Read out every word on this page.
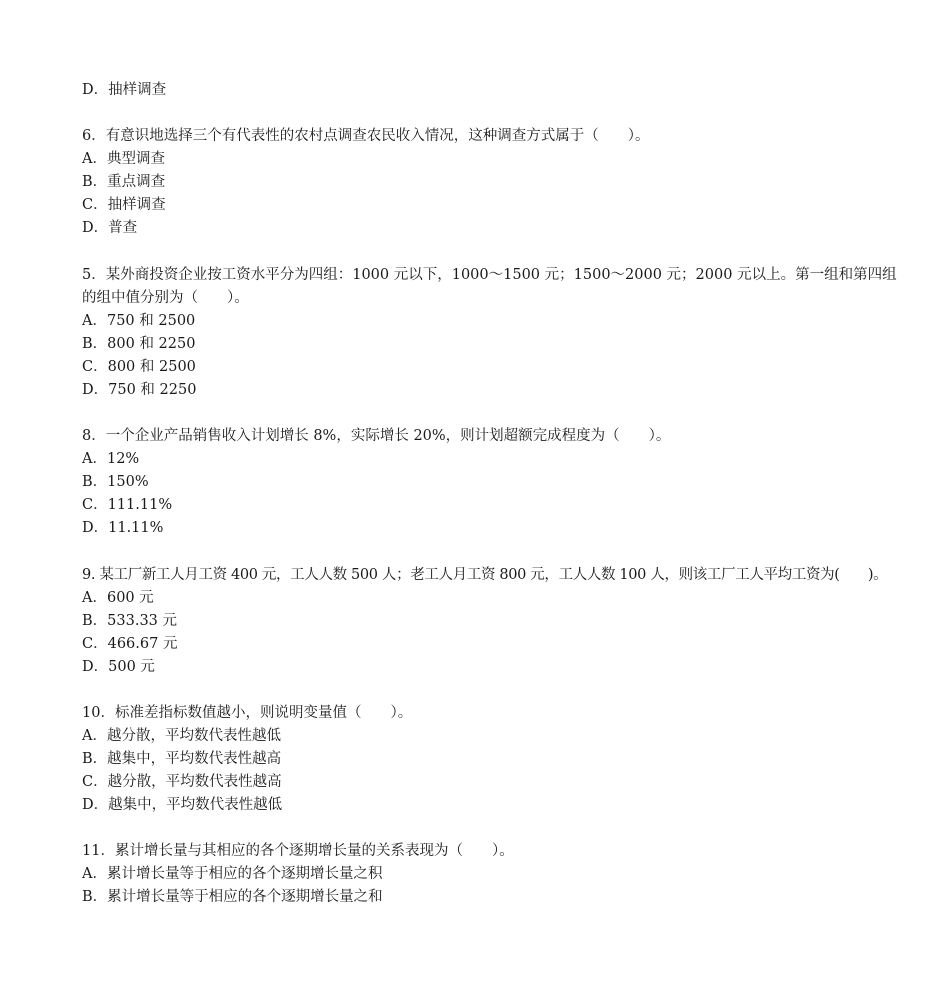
D．抽样调查
6．有意识地选择三个有代表性的农村点调查农民收入情况，这种调查方式属于（　　）。
A．典型调查
B．重点调查
C．抽样调查
D．普查
5．某外商投资企业按工资水平分为四组：1000 元以下，1000～1500 元；1500～2000 元；2000 元以上。第一组和第四组
的组中值分别为（　　）。
A．750 和 2500
B．800 和 2250
C．800 和 2500
D．750 和 2250
8．一个企业产品销售收入计划增长 8%，实际增长 20%，则计划超额完成程度为（　　）。
A．12%
B．150%
C．111.11%
D．11.11%
9. 某工厂新工人月工资 400 元，工人人数 500 人；老工人月工资 800 元，工人人数 100 人，则该工厂工人平均工资为(　　)。
A．600 元
B．533.33 元
C．466.67 元
D．500 元
10．标准差指标数值越小，则说明变量值（　　）。
A．越分散，平均数代表性越低
B．越集中，平均数代表性越高
C．越分散，平均数代表性越高
D．越集中，平均数代表性越低
11．累计增长量与其相应的各个逐期增长量的关系表现为（　　）。
A．累计增长量等于相应的各个逐期增长量之积
B．累计增长量等于相应的各个逐期增长量之和
